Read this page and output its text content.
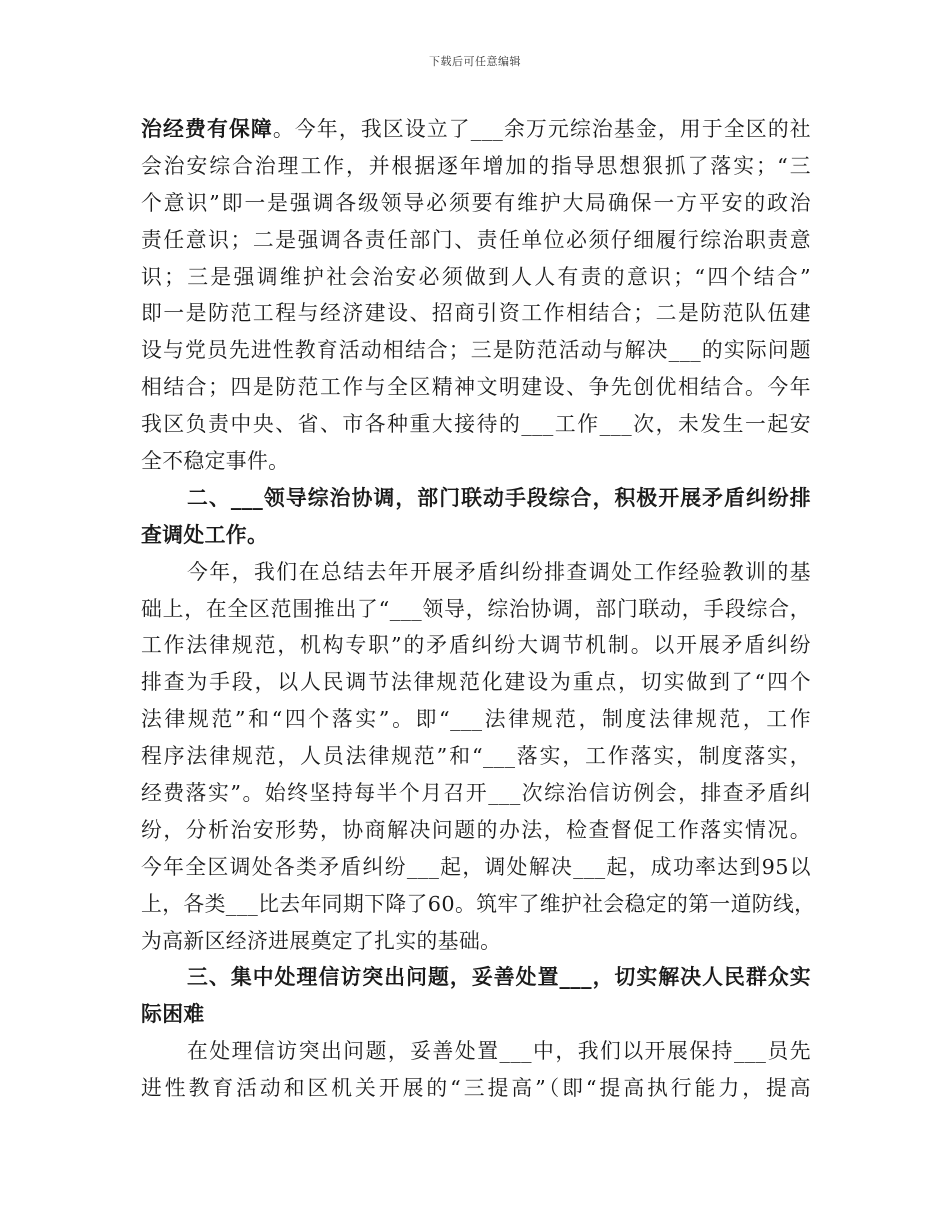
下载后可任意编辑
治经费有保障。今年，我区设立了___余万元综治基金，用于全区的社
会治安综合治理工作，并根据逐年增加的指导思想狠抓了落实；“三
个意识”即一是强调各级领导必须要有维护大局确保一方平安的政治
责任意识；二是强调各责任部门、责任单位必须仔细履行综治职责意
识；三是强调维护社会治安必须做到人人有责的意识；“四个结合”
即一是防范工程与经济建设、招商引资工作相结合；二是防范队伍建
设与党员先进性教育活动相结合；三是防范活动与解决___的实际问题
相结合；四是防范工作与全区精神文明建设、争先创优相结合。今年
我区负责中央、省、市各种重大接待的___工作___次，未发生一起安
全不稳定事件。
二、___领导综治协调，部门联动手段综合，积极开展矛盾纠纷排
查调处工作。
今年，我们在总结去年开展矛盾纠纷排查调处工作经验教训的基
础上，在全区范围推出了“___领导，综治协调，部门联动，手段综合，
工作法律规范，机构专职”的矛盾纠纷大调节机制。以开展矛盾纠纷
排查为手段，以人民调节法律规范化建设为重点，切实做到了“四个
法律规范”和“四个落实”。即“___法律规范，制度法律规范，工作
程序法律规范，人员法律规范”和“___落实，工作落实，制度落实，
经费落实”。始终坚持每半个月召开___次综治信访例会，排查矛盾纠
纷，分析治安形势，协商解决问题的办法，检查督促工作落实情况。
今年全区调处各类矛盾纠纷___起，调处解决___起，成功率达到95以
上，各类___比去年同期下降了60。筑牢了维护社会稳定的第一道防线，
为高新区经济进展奠定了扎实的基础。
三、集中处理信访突出问题，妥善处置___，切实解决人民群众实
际困难
在处理信访突出问题，妥善处置___中，我们以开展保持___员先
进性教育活动和区机关开展的“三提高”（即“提高执行能力，提高
